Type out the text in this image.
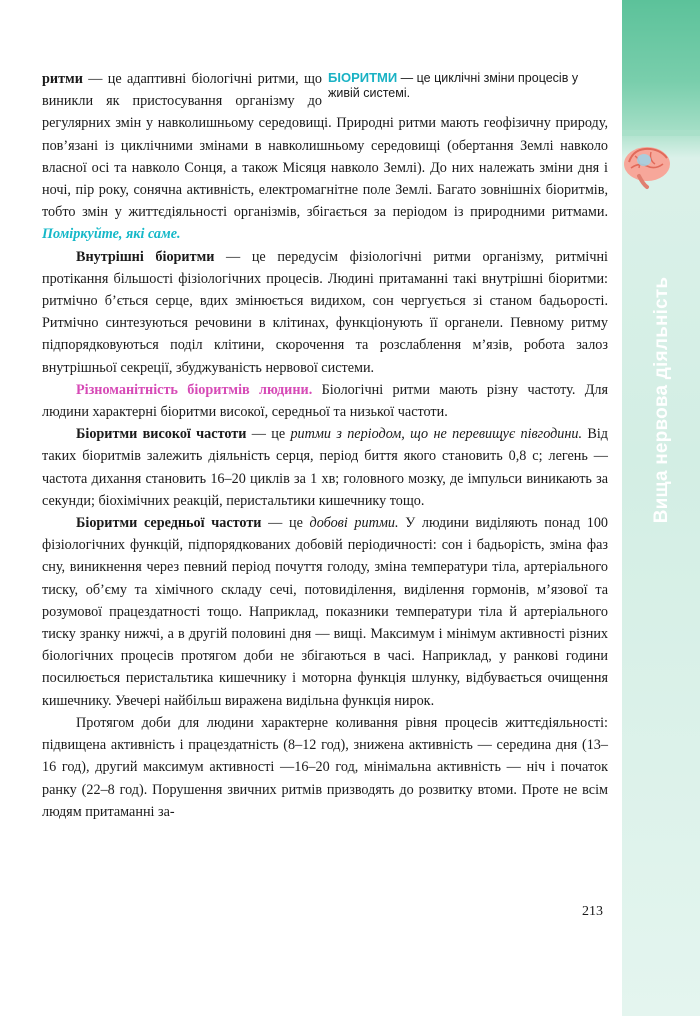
Вища нервова діяльність

БІОРИТМИ — це циклічні зміни процесів у живій системі.
ритми — це адаптивні біологічні ритми, що виникли як пристосування організму до регулярних змін у навколишньому середовищі. Природні ритми мають геофізичну природу, пов’язані із циклічними змінами в навколишньому середовищі (обертання Землі навколо власної осі та навколо Сонця, а також Місяця навколо Землі). До них належать зміни дня і ночі, пір року, сонячна активність, електромагнітне поле Землі. Багато зовнішніх біоритмів, тобто змін у життєдіяльності організмів, збігається за періодом із природними ритмами. Поміркуйте, які саме.

Внутрішні біоритми — це передусім фізіологічні ритми організму, ритмічні протікання більшості фізіологічних процесів. Людині притаманні такі внутрішні біоритми: ритмічно б’ється серце, вдих змінюється видихом, сон чергується зі станом бадьорості. Ритмічно синтезуються речовини в клітинах, функціонують її органели. Певному ритму підпорядковуються поділ клітини, скорочення та розслаблення м’язів, робота залоз внутрішньої секреції, збуджуваність нервової системи.

Різноманітність біоритмів людини. Біологічні ритми мають різну частоту. Для людини характерні біоритми високої, середньої та низької частоти.

Біоритми високої частоти — це ритми з періодом, що не перевищує півгодини. Від таких біоритмів залежить діяльність серця, період биття якого становить 0,8 с; легень — частота дихання становить 16–20 циклів за 1 хв; головного мозку, де імпульси виникають за секунди; біохімічних реакцій, перистальтики кишечнику тощо.

Біоритми середньої частоти — це добові ритми. У людини виділяють понад 100 фізіологічних функцій, підпорядкованих добовій періодичності: сон і бадьорість, зміна фаз сну, виникнення через певний період почуття голоду, зміна температури тіла, артеріального тиску, об’єму та хімічного складу сечі, потовиділення, виділення гормонів, м’язової та розумової працездатності тощо. Наприклад, показники температури тіла й артеріального тиску зранку нижчі, а в другій половині дня — вищі. Максимум і мінімум активності різних біологічних процесів протягом доби не збігаються в часі. Наприклад, у ранкові години посилюється перистальтика кишечнику і моторна функція шлунку, відбувається очищення кишечнику. Увечері найбільш виражена видільна функція нирок.

Протягом доби для людини характерне коливання рівня процесів життєдіяльності: підвищена активність і працездатність (8–12 год), знижена активність — середина дня (13–16 год), другий максимум активності —16–20 год, мінімальна активність — ніч і початок ранку (22–8 год). Порушення звичних ритмів призводять до розвитку втоми. Проте не всім людям притаманні за-

213
